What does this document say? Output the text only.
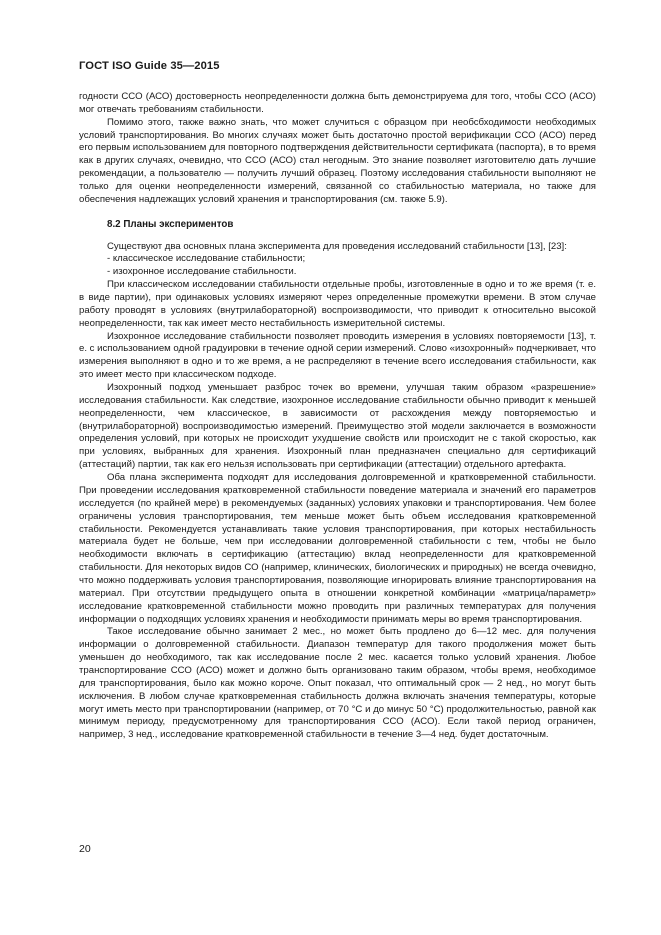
ГОСТ ISO Guide 35—2015

годности СCO (АСО) достоверность неопределенности должна быть демонстрируема для того, чтобы CCO (АСО) мог отвечать требованиям стабильности.

Помимо этого, также важно знать, что может случиться с образцом при необсбходимости необходимых условий транспортирования. Во многих случаях может быть достаточно простой верификации ССО (АСО) перед его первым использованием для повторного подтверждения действительности сертификата (паспорта), в то время как в других случаях, очевидно, что ССО (АСО) стал негодным. Это знание позволяет изготовителю дать лучшие рекомендации, а пользователю — получить лучший образец. Поэтому исследования стабильности выполняют не только для оценки неопределенности измерений, связанной со стабильностью материала, но также для обеспечения надлежащих условий хранения и транспортирования (см. также 5.9).

8.2 Планы экспериментов

Существуют два основных плана эксперимента для проведения исследований стабильности [13], [23]:

- классическое исследование стабильности;

- изохронное исследование стабильности.

При классическом исследовании стабильности отдельные пробы, изготовленные в одно и то же время (т. е. в виде партии), при одинаковых условиях измеряют через определенные промежутки времени. В этом случае работу проводят в условиях (внутрилабораторной) воспроизводимости, что приводит к относительно высокой неопределенности, так как имеет место нестабильность измерительной системы.

Изохронное исследование стабильности позволяет проводить измерения в условиях повторяемости [13], т. е. с использованием одной градуировки в течение одной серии измерений. Слово «изохронный» подчеркивает, что измерения выполняют в одно и то же время, а не распределяют в течение всего исследования стабильности, как это имеет место при классическом подходе.

Изохронный подход уменьшает разброс точек во времени, улучшая таким образом «разрешение» исследования стабильности. Как следствие, изохронное исследование стабильности обычно приводит к меньшей неопределенности, чем классическое, в зависимости от расхождения между повторяемостью и (внутрилабораторной) воспроизводимостью измерений. Преимущество этой модели заключается в возможности определения условий, при которых не происходит ухудшение свойств или происходит не с такой скоростью, как при условиях, выбранных для хранения. Изохронный план предназначен специально для сертификаций (аттестаций) партии, так как его нельзя использовать при сертификации (аттестации) отдельного артефакта.

Оба плана эксперимента подходят для исследования долговременной и кратковременной стабильности. При проведении исследования кратковременной стабильности поведение материала и значений его параметров исследуется (по крайней мере) в рекомендуемых (заданных) условиях упаковки и транспортирования. Чем более ограничены условия транспортирования, тем меньше может быть объем исследования кратковременной стабильности. Рекомендуется устанавливать такие условия транспортирования, при которых нестабильность материала будет не больше, чем при исследовании долговременной стабильности с тем, чтобы не было необходимости включать в сертификацию (аттестацию) вклад неопределенности для кратковременной стабильности. Для некоторых видов СО (например, клинических, биологических и природных) не всегда очевидно, что можно поддерживать условия транспортирования, позволяющие игнорировать влияние транспортирования на материал. При отсутствии предыдущего опыта в отношении конкретной комбинации «матрица/параметр» исследование кратковременной стабильности можно проводить при различных температурах для получения информации о подходящих условиях хранения и необходимости принимать меры во время транспортирования.

Такое исследование обычно занимает 2 мес., но может быть продлено до 6—12 мес. для получения информации о долговременной стабильности. Диапазон температур для такого продолжения может быть уменьшен до необходимого, так как исследование после 2 мес. касается только условий хранения. Любое транспортирование ССО (АСО) может и должно быть организовано таким образом, чтобы время, необходимое для транспортирования, было как можно короче. Опыт показал, что оптимальный срок — 2 нед., но могут быть исключения. В любом случае кратковременная стабильность должна включать значения температуры, которые могут иметь место при транспортировании (например, от 70 °С и до минус 50 °С) продолжительностью, равной как минимум периоду, предусмотренному для транспортирования ССО (АСО). Если такой период ограничен, например, 3 нед., исследование кратковременной стабильности в течение 3—4 нед. будет достаточным.

20
